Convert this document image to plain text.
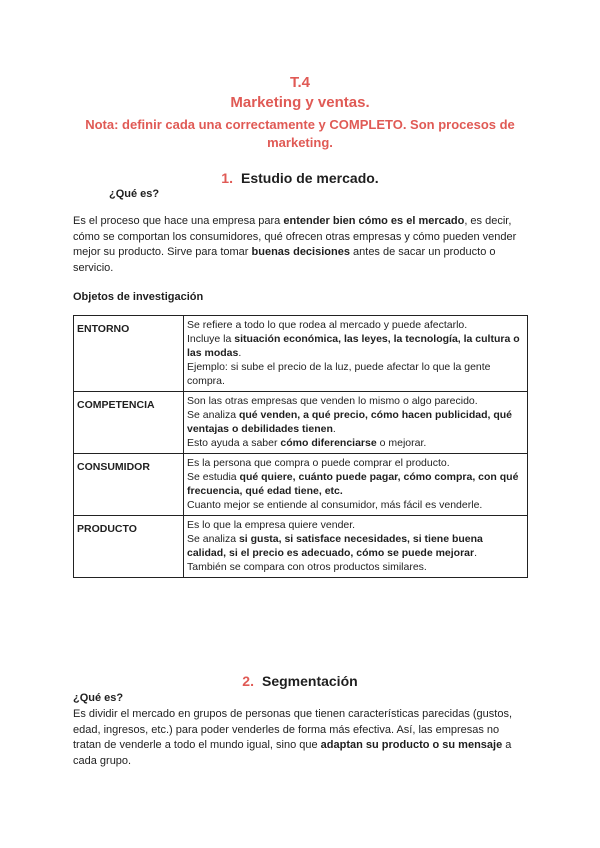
T.4
Marketing y ventas.
Nota: definir cada una correctamente y COMPLETO. Son procesos de marketing.
1. Estudio de mercado.
¿Qué es?
Es el proceso que hace una empresa para entender bien cómo es el mercado, es decir, cómo se comportan los consumidores, qué ofrecen otras empresas y cómo pueden vender mejor su producto. Sirve para tomar buenas decisiones antes de sacar un producto o servicio.
Objetos de investigación
ENTORNO	Se refiere a todo lo que rodea al mercado y puede afectarlo.
Incluye la situación económica, las leyes, la tecnología, la cultura o las modas.
Ejemplo: si sube el precio de la luz, puede afectar lo que la gente compra.

COMPETENCIA	Son las otras empresas que venden lo mismo o algo parecido.
Se analiza qué venden, a qué precio, cómo hacen publicidad, qué ventajas o debilidades tienen.
Esto ayuda a saber cómo diferenciarse o mejorar.

CONSUMIDOR	Es la persona que compra o puede comprar el producto.
Se estudia qué quiere, cuánto puede pagar, cómo compra, con qué frecuencia, qué edad tiene, etc.
Cuanto mejor se entiende al consumidor, más fácil es venderle.

PRODUCTO	Es lo que la empresa quiere vender.
Se analiza si gusta, si satisface necesidades, si tiene buena calidad, si el precio es adecuado, cómo se puede mejorar.
También se compara con otros productos similares.
2. Segmentación
¿Qué es?
Es dividir el mercado en grupos de personas que tienen características parecidas (gustos, edad, ingresos, etc.) para poder venderles de forma más efectiva. Así, las empresas no tratan de venderle a todo el mundo igual, sino que adaptan su producto o su mensaje a cada grupo.
